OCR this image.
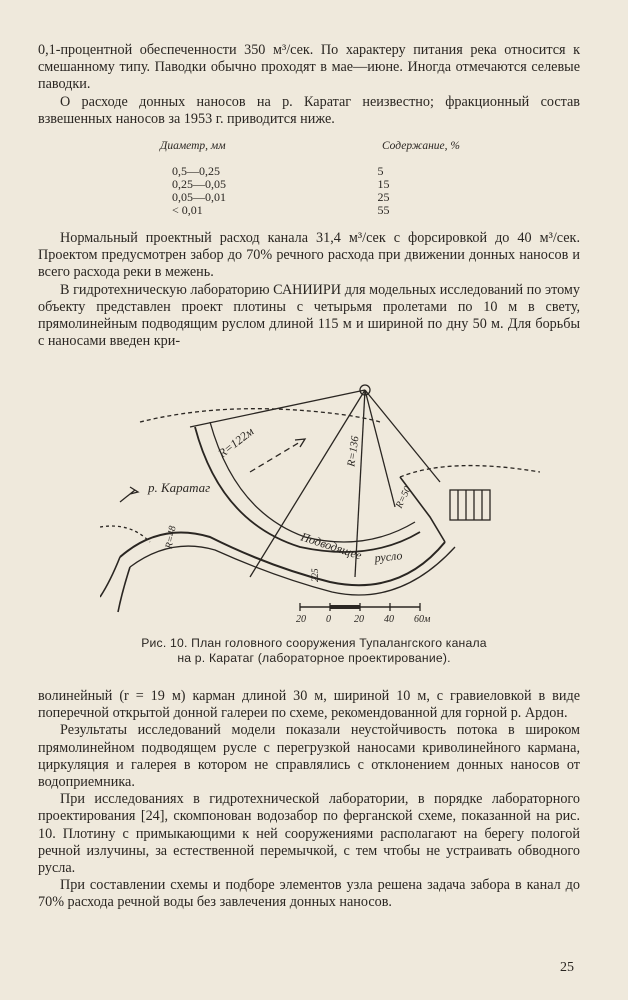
0,1-процентной обеспеченности 350 м³/сек. По характеру питания река относится к смешанному типу. Паводки обычно проходят в мае—июне. Иногда отмечаются селевые паводки.

О расходе донных наносов на р. Каратаг неизвестно; фракционный состав взвешенных наносов за 1953 г. приводится ниже.

Диаметр, мм	Содержание, %
0,5—0,25	5
0,25—0,05	15
0,05—0,01	25
< 0,01	55

Нормальный проектный расход канала 31,4 м³/сек с форсировкой до 40 м³/сек. Проектом предусмотрен забор до 70% речного расхода при движении донных наносов и всего расхода реки в межень.

В гидротехническую лабораторию САНИИРИ для модельных исследований по этому объекту представлен проект плотины с четырьмя пролетами по 10 м в свету, прямолинейным подводящим руслом длиной 115 м и шириной по дну 50 м. Для борьбы с наносами введен кри-

р. Каратаг
R=122м	R=136
R=48
R=50
Подводящее русло
225
20 0 20 40 60м
Рис. 10. План головного сооружения Тупалангского канала
на р. Каратаг (лабораторное проектирование).

волинейный (r = 19 м) карман длиной 30 м, шириной 10 м, с гравиеловкой в виде поперечной открытой донной галереи по схеме, рекомендованной для горной р. Ардон.

Результаты исследований модели показали неустойчивость потока в широком прямолинейном подводящем русле с перегрузкой наносами криволинейного кармана, циркуляция и галерея в котором не справлялись с отклонением донных наносов от водоприемника.

При исследованиях в гидротехнической лаборатории, в порядке лабораторного проектирования [24], скомпонован водозабор по ферганской схеме, показанной на рис. 10. Плотину с примыкающими к ней сооружениями располагают на берегу пологой речной излучины, за естественной перемычкой, с тем чтобы не устраивать обводного русла.

При составлении схемы и подборе элементов узла решена задача забора в канал до 70% расхода речной воды без завлечения донных наносов.

25
